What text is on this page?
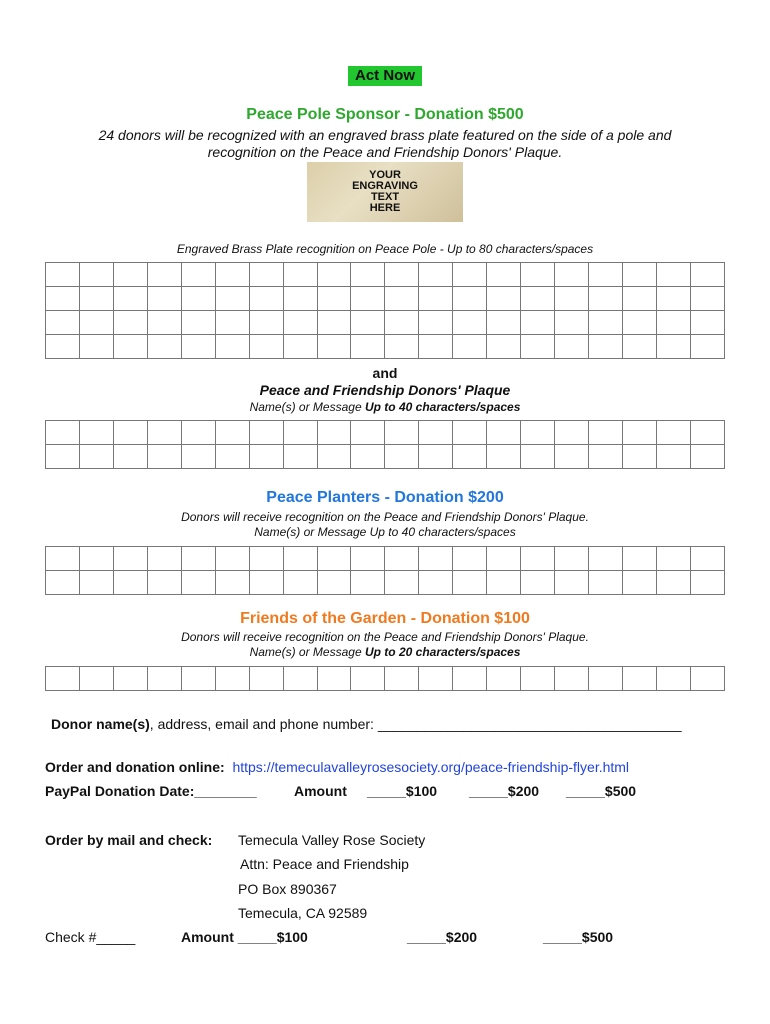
Act Now
Peace Pole Sponsor - Donation $500
24 donors will be recognized with an engraved brass plate featured on the side of a pole and
recognition on the Peace and Friendship Donors' Plaque.
YOUR
ENGRAVING
TEXT
HERE
Engraved Brass Plate recognition on Peace Pole - Up to 80 characters/spaces

and
Peace and Friendship Donors' Plaque
Name(s) or Message Up to 40 characters/spaces

Peace Planters - Donation $200
Donors will receive recognition on the Peace and Friendship Donors' Plaque.
Name(s) or Message Up to 40 characters/spaces

Friends of the Garden - Donation $100
Donors will receive recognition on the Peace and Friendship Donors' Plaque.
Name(s) or Message Up to 20 characters/spaces

Donor name(s), address, email and phone number: _______________________________________
Order and donation online: https://temeculavalleyrosesociety.org/peace-friendship-flyer.html
PayPal Donation Date:________	Amount _____$100 _____$200 _____$500
Order by mail and check: Temecula Valley Rose Society
Attn: Peace and Friendship
PO Box 890367
Temecula, CA 92589
Check #_____	Amount _____$100	_____$200	_____$500
